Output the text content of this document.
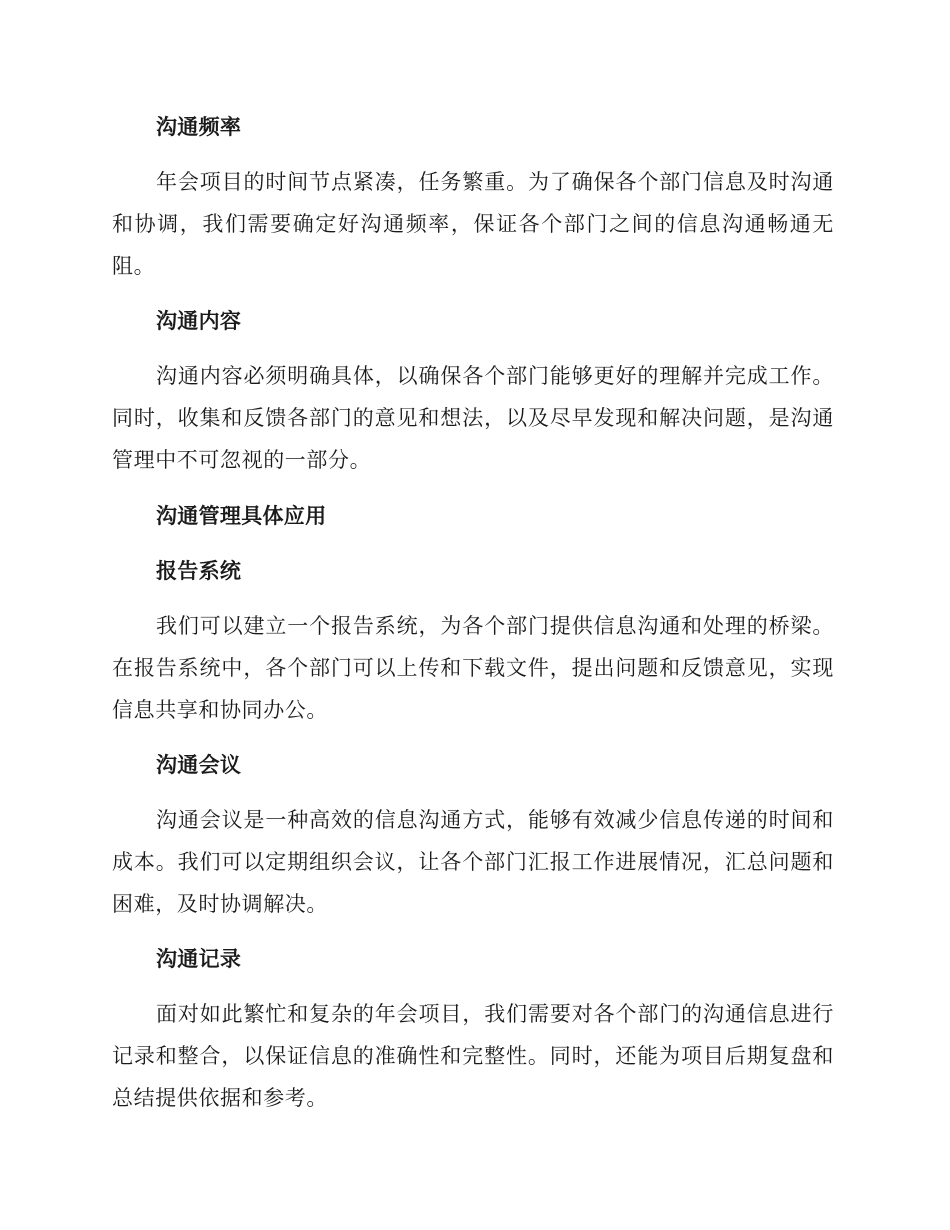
沟通频率
年会项目的时间节点紧凑，任务繁重。为了确保各个部门信息及时沟通和协调，我们需要确定好沟通频率，保证各个部门之间的信息沟通畅通无阻。
沟通内容
沟通内容必须明确具体，以确保各个部门能够更好的理解并完成工作。同时，收集和反馈各部门的意见和想法，以及尽早发现和解决问题，是沟通管理中不可忽视的一部分。
沟通管理具体应用
报告系统
我们可以建立一个报告系统，为各个部门提供信息沟通和处理的桥梁。在报告系统中，各个部门可以上传和下载文件，提出问题和反馈意见，实现信息共享和协同办公。
沟通会议
沟通会议是一种高效的信息沟通方式，能够有效减少信息传递的时间和成本。我们可以定期组织会议，让各个部门汇报工作进展情况，汇总问题和困难，及时协调解决。
沟通记录
面对如此繁忙和复杂的年会项目，我们需要对各个部门的沟通信息进行记录和整合，以保证信息的准确性和完整性。同时，还能为项目后期复盘和总结提供依据和参考。
